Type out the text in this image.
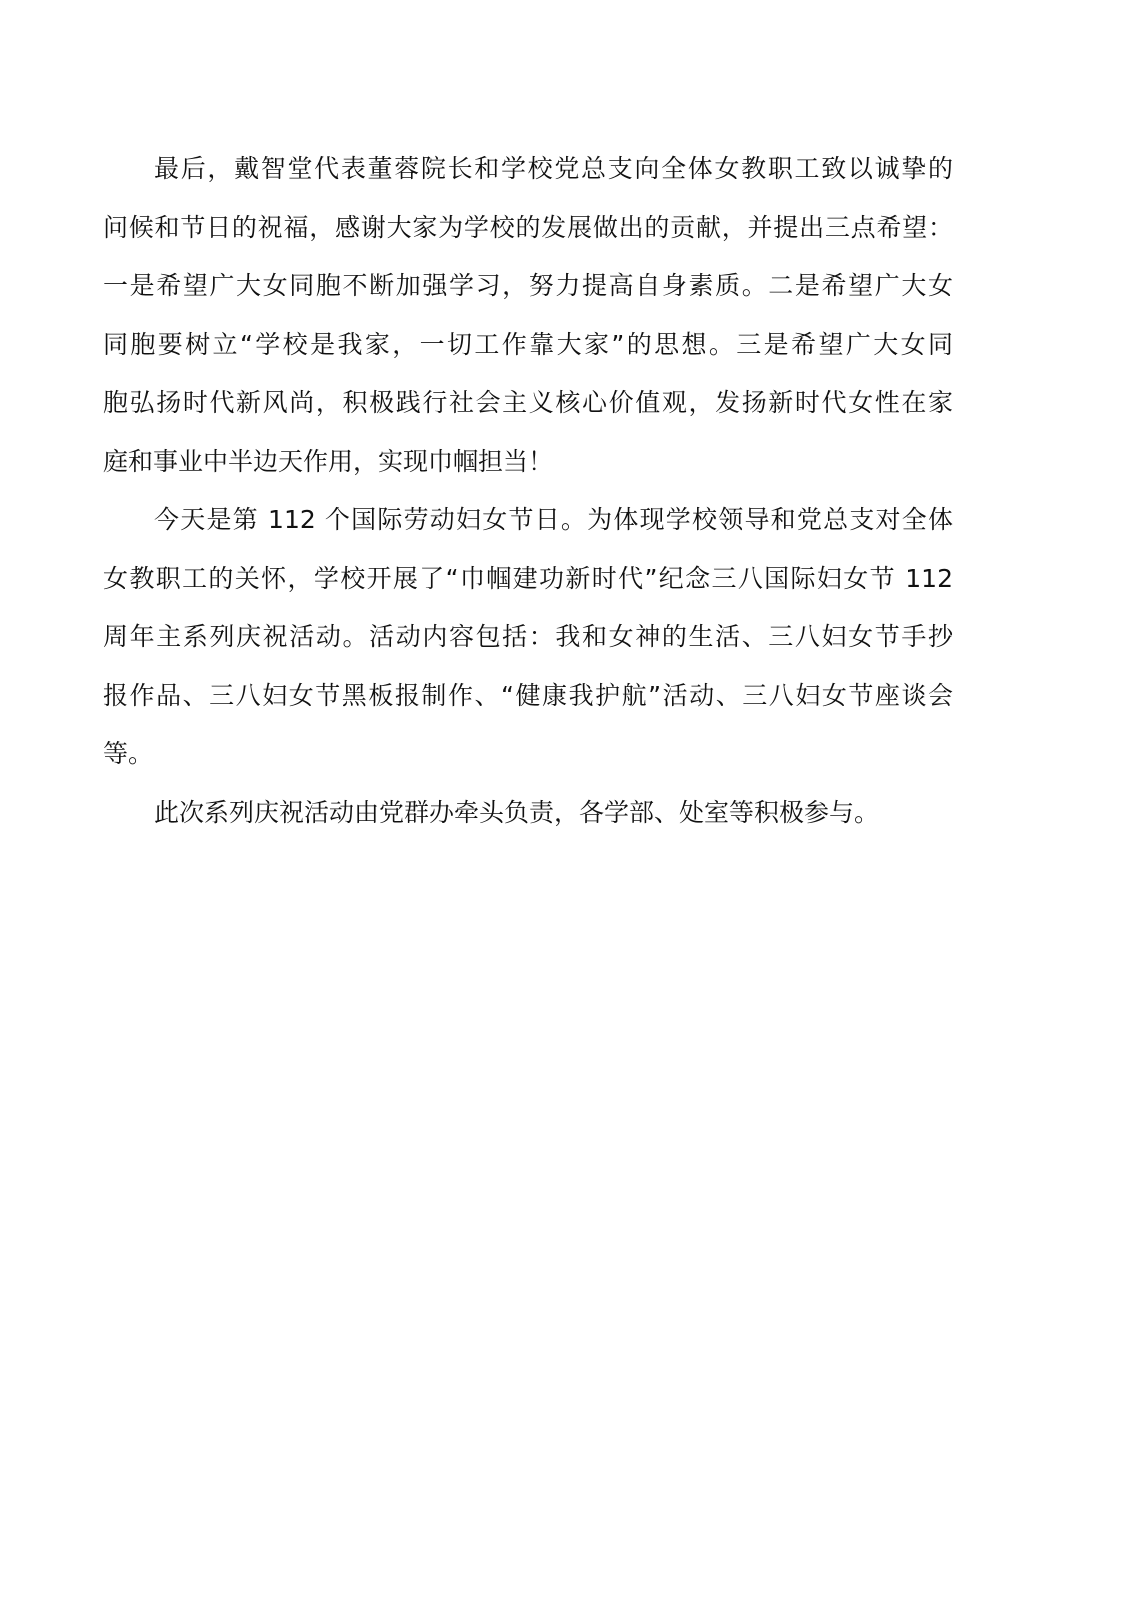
最后，戴智堂代表董蓉院长和学校党总支向全体女教职工致以诚挚的
问候和节日的祝福，感谢大家为学校的发展做出的贡献，并提出三点希望：
一是希望广大女同胞不断加强学习，努力提高自身素质。二是希望广大女
同胞要树立“学校是我家，一切工作靠大家”的思想。三是希望广大女同
胞弘扬时代新风尚，积极践行社会主义核心价值观，发扬新时代女性在家
庭和事业中半边天作用，实现巾帼担当！

今天是第 112 个国际劳动妇女节日。为体现学校领导和党总支对全体
女教职工的关怀，学校开展了“巾帼建功新时代”纪念三八国际妇女节 112
周年主系列庆祝活动。活动内容包括：我和女神的生活、三八妇女节手抄
报作品、三八妇女节黑板报制作、“健康我护航”活动、三八妇女节座谈会
等。

此次系列庆祝活动由党群办牵头负责，各学部、处室等积极参与。
